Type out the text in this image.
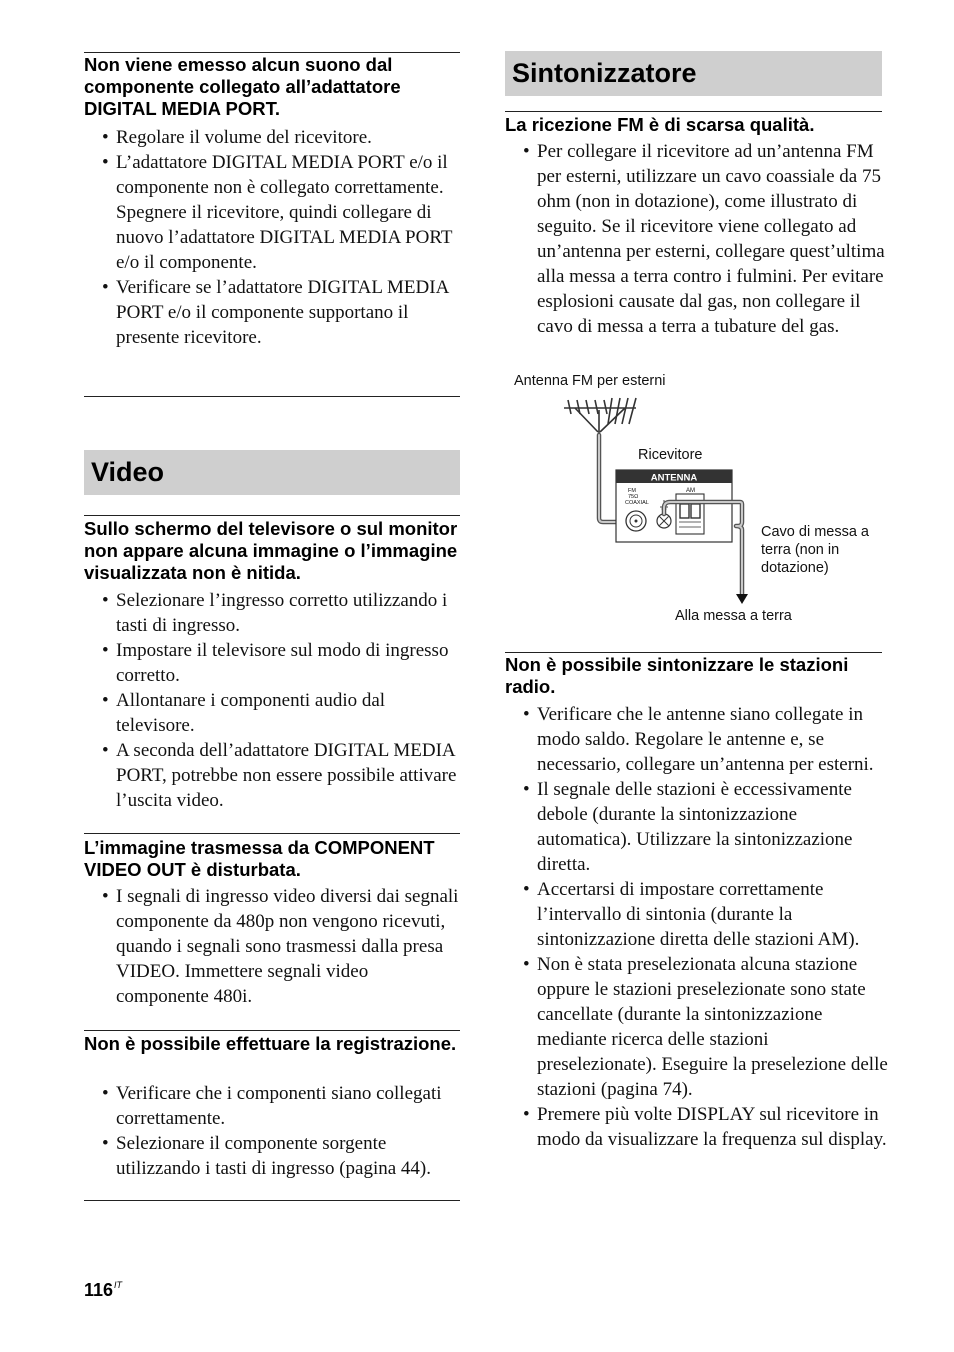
Non viene emesso alcun suono dal componente collegato all’adattatore DIGITAL MEDIA PORT.
• Regolare il volume del ricevitore.
• L’adattatore DIGITAL MEDIA PORT e/o il componente non è collegato correttamente. Spegnere il ricevitore, quindi collegare di nuovo l’adattatore DIGITAL MEDIA PORT e/o il componente.
• Verificare se l’adattatore DIGITAL MEDIA PORT e/o il componente supportano il presente ricevitore.
Video
Sullo schermo del televisore o sul monitor non appare alcuna immagine o l’immagine visualizzata non è nitida.
• Selezionare l’ingresso corretto utilizzando i tasti di ingresso.
• Impostare il televisore sul modo di ingresso corretto.
• Allontanare i componenti audio dal televisore.
• A seconda dell’adattatore DIGITAL MEDIA PORT, potrebbe non essere possibile attivare l’uscita video.
L’immagine trasmessa da COMPONENT VIDEO OUT è disturbata.
• I segnali di ingresso video diversi dai segnali componente da 480p non vengono ricevuti, quando i segnali sono trasmessi dalla presa VIDEO. Immettere segnali video componente 480i.
Non è possibile effettuare la registrazione.
• Verificare che i componenti siano collegati correttamente.
• Selezionare il componente sorgente utilizzando i tasti di ingresso (pagina 44).
Sintonizzatore
La ricezione FM è di scarsa qualità.
• Per collegare il ricevitore ad un’antenna FM per esterni, utilizzare un cavo coassiale da 75 ohm (non in dotazione), come illustrato di seguito. Se il ricevitore viene collegato ad un’antenna per esterni, collegare quest’ultima alla messa a terra contro i fulmini. Per evitare esplosioni causate dal gas, non collegare il cavo di messa a terra a tubature del gas.
Antenna FM per esterni
Ricevitore
Cavo di messa a terra (non in dotazione)
Alla messa a terra
ANTENNA
FM
75Ω
COAXIAL
AM
Non è possibile sintonizzare le stazioni radio.
• Verificare che le antenne siano collegate in modo saldo. Regolare le antenne e, se necessario, collegare un’antenna per esterni.
• Il segnale delle stazioni è eccessivamente debole (durante la sintonizzazione automatica). Utilizzare la sintonizzazione diretta.
• Accertarsi di impostare correttamente l’intervallo di sintonia (durante la sintonizzazione diretta delle stazioni AM).
• Non è stata preselezionata alcuna stazione oppure le stazioni preselezionate sono state cancellate (durante la sintonizzazione mediante ricerca delle stazioni preselezionate). Eseguire la preselezione delle stazioni (pagina 74).
• Premere più volte DISPLAY sul ricevitore in modo da visualizzare la frequenza sul display.
$116^{IT}$
